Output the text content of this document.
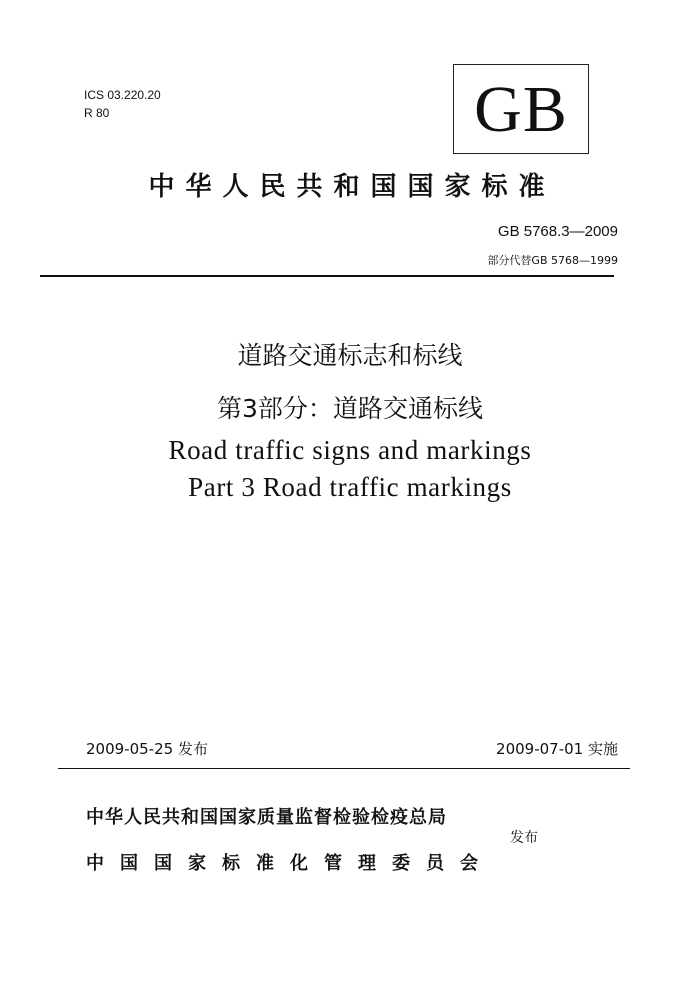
ICS 03.220.20
R 80	GB
中华人民共和国国家标准
GB 5768.3—2009
部分代替GB 5768—1999
道路交通标志和标线
第3部分：道路交通标线
Road traffic signs and markings
Part 3 Road traffic markings
2009-05-25 发布	2009-07-01 实施
中华人民共和国国家质量监督检验检疫总局
中国国家标准化管理委员会
发布
